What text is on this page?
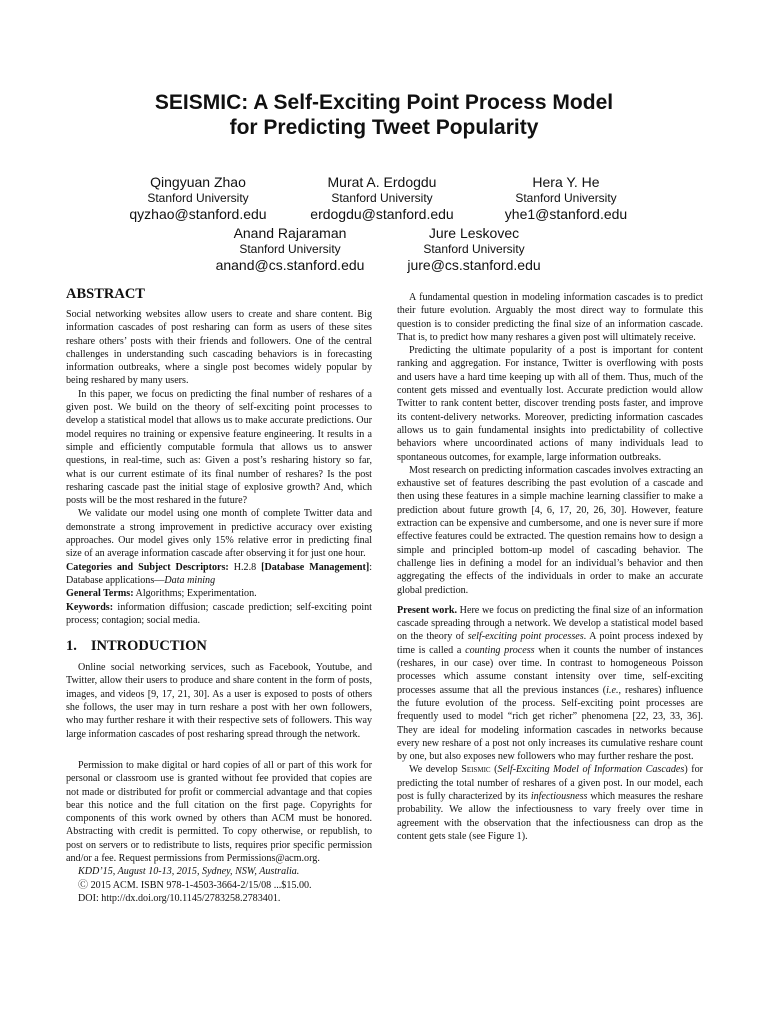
SEISMIC: A Self-Exciting Point Process Model
for Predicting Tweet Popularity
Qingyuan Zhao
Stanford University
qyzhao@stanford.edu
Murat A. Erdogdu
Stanford University
erdogdu@stanford.edu
Hera Y. He
Stanford University
yhe1@stanford.edu
Anand Rajaraman
Stanford University
anand@cs.stanford.edu
Jure Leskovec
Stanford University
jure@cs.stanford.edu
ABSTRACT

Social networking websites allow users to create and share content. Big information cascades of post resharing can form as users of these sites reshare others’ posts with their friends and followers. One of the central challenges in understanding such cascading behaviors is in forecasting information outbreaks, where a single post becomes widely popular by being reshared by many users.

In this paper, we focus on predicting the final number of reshares of a given post. We build on the theory of self-exciting point processes to develop a statistical model that allows us to make accurate predictions. Our model requires no training or expensive feature engineering. It results in a simple and efficiently computable formula that allows us to answer questions, in real-time, such as: Given a post’s resharing history so far, what is our current estimate of its final number of reshares? Is the post resharing cascade past the initial stage of explosive growth? And, which posts will be the most reshared in the future?

We validate our model using one month of complete Twitter data and demonstrate a strong improvement in predictive accuracy over existing approaches. Our model gives only 15% relative error in predicting final size of an average information cascade after observing it for just one hour.

Categories and Subject Descriptors: H.2.8 [Database Management]: Database applications—Data mining

General Terms: Algorithms; Experimentation.

Keywords: information diffusion; cascade prediction; self-exciting point process; contagion; social media.

1. INTRODUCTION

Online social networking services, such as Facebook, Youtube, and Twitter, allow their users to produce and share content in the form of posts, images, and videos [9, 17, 21, 30]. As a user is exposed to posts of others she follows, the user may in turn reshare a post with her own followers, who may further reshare it with their respective sets of followers. This way large information cascades of post resharing spread through the network.

Permission to make digital or hard copies of all or part of this work for personal or classroom use is granted without fee provided that copies are not made or distributed for profit or commercial advantage and that copies bear this notice and the full citation on the first page. Copyrights for components of this work owned by others than ACM must be honored. Abstracting with credit is permitted. To copy otherwise, or republish, to post on servers or to redistribute to lists, requires prior specific permission and/or a fee. Request permissions from Permissions@acm.org.

KDD’15, August 10-13, 2015, Sydney, NSW, Australia.

Ⓒ 2015 ACM. ISBN 978-1-4503-3664-2/15/08 ...$15.00.

DOI: http://dx.doi.org/10.1145/2783258.2783401.

A fundamental question in modeling information cascades is to predict their future evolution. Arguably the most direct way to formulate this question is to consider predicting the final size of an information cascade. That is, to predict how many reshares a given post will ultimately receive.

Predicting the ultimate popularity of a post is important for content ranking and aggregation. For instance, Twitter is overflowing with posts and users have a hard time keeping up with all of them. Thus, much of the content gets missed and eventually lost. Accurate prediction would allow Twitter to rank content better, discover trending posts faster, and improve its content-delivery networks. Moreover, predicting information cascades allows us to gain fundamental insights into predictability of collective behaviors where uncoordinated actions of many individuals lead to spontaneous outcomes, for example, large information outbreaks.

Most research on predicting information cascades involves extracting an exhaustive set of features describing the past evolution of a cascade and then using these features in a simple machine learning classifier to make a prediction about future growth [4, 6, 17, 20, 26, 30]. However, feature extraction can be expensive and cumbersome, and one is never sure if more effective features could be extracted. The question remains how to design a simple and principled bottom-up model of cascading behavior. The challenge lies in defining a model for an individual’s behavior and then aggregating the effects of the individuals in order to make an accurate global prediction.

Present work. Here we focus on predicting the final size of an information cascade spreading through a network. We develop a statistical model based on the theory of self-exciting point processes. A point process indexed by time is called a counting process when it counts the number of instances (reshares, in our case) over time. In contrast to homogeneous Poisson processes which assume constant intensity over time, self-exciting processes assume that all the previous instances (i.e., reshares) influence the future evolution of the process. Self-exciting point processes are frequently used to model “rich get richer” phenomena [22, 23, 33, 36]. They are ideal for modeling information cascades in networks because every new reshare of a post not only increases its cumulative reshare count by one, but also exposes new followers who may further reshare the post.

We develop Seismic (Self-Exciting Model of Information Cascades) for predicting the total number of reshares of a given post. In our model, each post is fully characterized by its infectiousness which measures the reshare probability. We allow the infectiousness to vary freely over time in agreement with the observation that the infectiousness can drop as the content gets stale (see Figure 1).
